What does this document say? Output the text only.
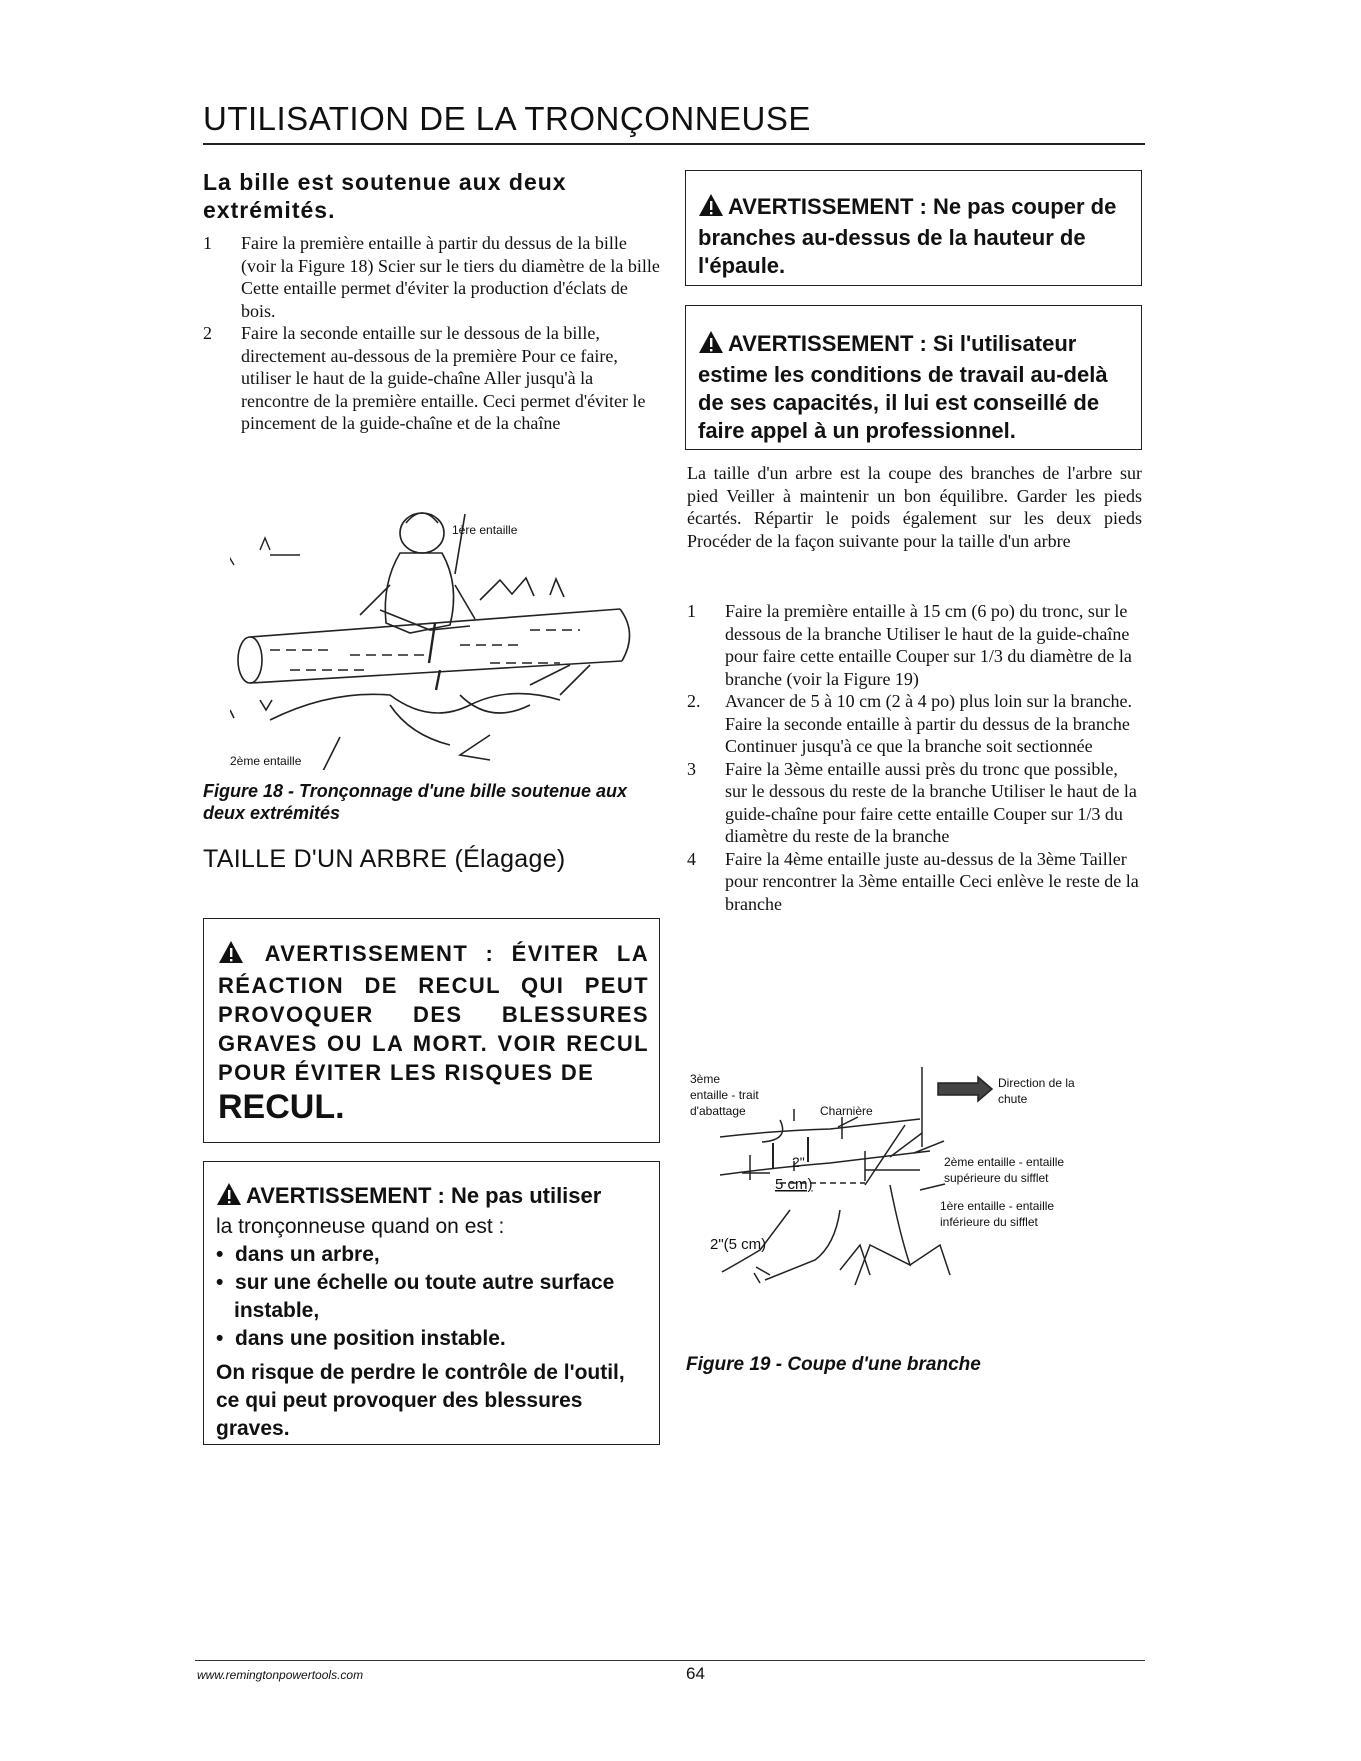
UTILISATION DE LA TRONÇONNEUSE
La bille est soutenue aux deux
extrémités.
1 Faire la première entaille à partir du dessus de la bille (voir la Figure 18) Scier sur le tiers du diamètre de la bille Cette entaille permet d'éviter la production d'éclats de bois.
2 Faire la seconde entaille sur le dessous de la bille, directement au-dessous de la première Pour ce faire, utiliser le haut de la guide-chaîne Aller jusqu'à la rencontre de la première entaille. Ceci permet d'éviter le pincement de la guide-chaîne et de la chaîne
1ère entaille
2ème entaille
Figure 18 - Tronçonnage d'une bille soutenue aux deux extrémités
TAILLE D'UN ARBRE (Élagage)
AVERTISSEMENT : ÉVITER LA RÉACTION DE RECUL QUI PEUT PROVOQUER DES BLESSURES GRAVES OU LA MORT. VOIR RECUL POUR ÉVITER LES RISQUES DE
RECUL.
AVERTISSEMENT : Ne pas utiliser
la tronçonneuse quand on est :
•  dans un arbre,
•  sur une échelle ou toute autre surface instable,
•  dans une position instable.
On risque de perdre le contrôle de l'outil, ce qui peut provoquer des blessures graves.
AVERTISSEMENT : Ne pas couper de branches au-dessus de la hauteur de l'épaule.
AVERTISSEMENT : Si l'utilisateur estime les conditions de travail au-delà de ses capacités, il lui est conseillé de faire appel à un professionnel.
La taille d'un arbre est la coupe des branches de l'arbre sur pied Veiller à maintenir un bon équilibre. Garder les pieds écartés. Répartir le poids également sur les deux pieds Procéder de la façon suivante pour la taille d'un arbre
1 Faire la première entaille à 15 cm (6 po) du tronc, sur le dessous de la branche Utiliser le haut de la guide-chaîne pour faire cette entaille Couper sur 1/3 du diamètre de la branche (voir la Figure 19)
2. Avancer de 5 à 10 cm (2 à 4 po) plus loin sur la branche. Faire la seconde entaille à partir du dessus de la branche Continuer jusqu'à ce que la branche soit sectionnée
3 Faire la 3ème entaille aussi près du tronc que possible, sur le dessous du reste de la branche Utiliser le haut de la guide-chaîne pour faire cette entaille Couper sur 1/3 du diamètre du reste de la branche
4 Faire la 4ème entaille juste au-dessus de la 3ème Tailler pour rencontrer la 3ème entaille Ceci enlève le reste de la branche
3ème
entaille - trait
d'abattage	Charnière
Direction de la
chute
2ème entaille - entaille
supérieure du sifflet
1ère entaille - entaille
inférieure du sifflet
2"
5 cm)
2"(5 cm)
Figure 19 - Coupe d'une branche
www.remingtonpowertools.com	64
